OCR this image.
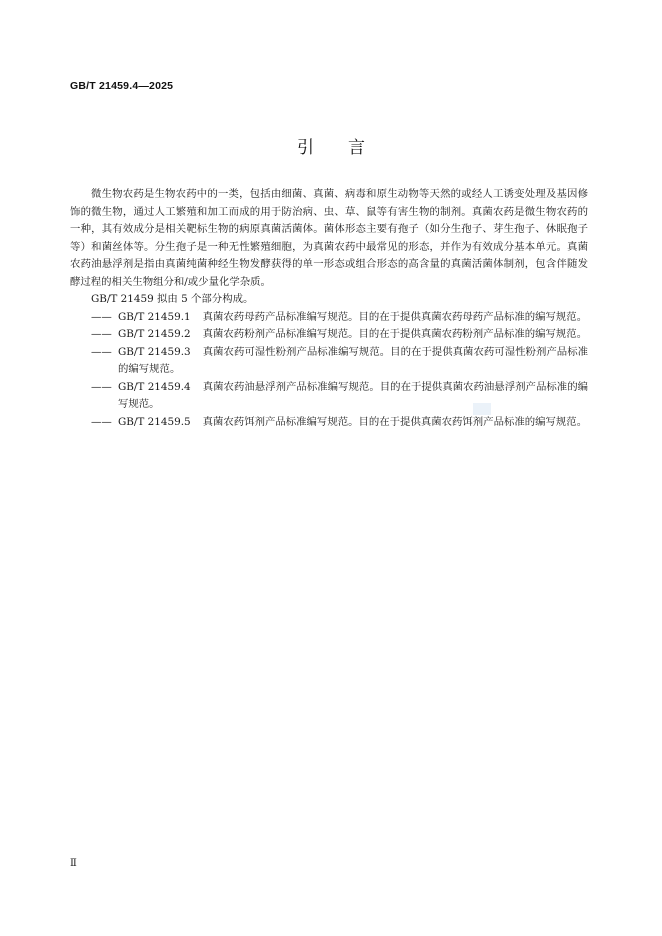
GB/T 21459.4—2025
引言

微生物农药是生物农药中的一类，包括由细菌、真菌、病毒和原生动物等天然的或经人工诱变处理及基因修饰的微生物，通过人工繁殖和加工而成的用于防治病、虫、草、鼠等有害生物的制剂。真菌农药是微生物农药的一种，其有效成分是相关靶标生物的病原真菌活菌体。菌体形态主要有孢子（如分生孢子、芽生孢子、休眠孢子等）和菌丝体等。分生孢子是一种无性繁殖细胞，为真菌农药中最常见的形态，并作为有效成分基本单元。真菌农药油悬浮剂是指由真菌纯菌种经生物发酵获得的单一形态或组合形态的高含量的真菌活菌体制剂，包含伴随发酵过程的相关生物组分和/或少量化学杂质。

GB/T 21459 拟由 5 个部分构成。

—— GB/T 21459.1 真菌农药母药产品标准编写规范。目的在于提供真菌农药母药产品标准的编写规范。
—— GB/T 21459.2 真菌农药粉剂产品标准编写规范。目的在于提供真菌农药粉剂产品标准的编写规范。
—— GB/T 21459.3 真菌农药可湿性粉剂产品标准编写规范。目的在于提供真菌农药可湿性粉剂产品标准的编写规范。
—— GB/T 21459.4 真菌农药油悬浮剂产品标准编写规范。目的在于提供真菌农药油悬浮剂产品标准的编写规范。
—— GB/T 21459.5 真菌农药饵剂产品标准编写规范。目的在于提供真菌农药饵剂产品标准的编写规范。
Ⅱ
